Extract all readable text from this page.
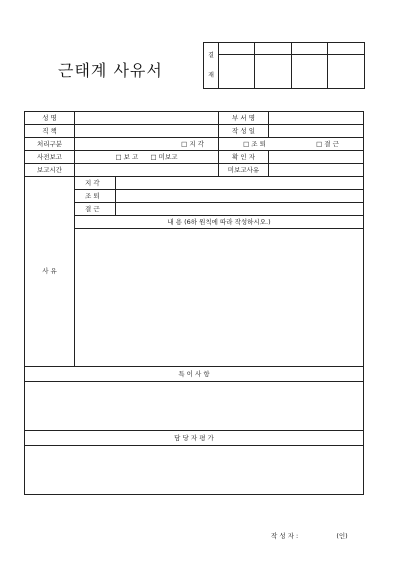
근태계 사유서
결
재				

성 명			부 서 명	
직 책			작 성 일	
처리구분	□ 지 각		□ 조 퇴 □ 결 근	
사전보고	□ 보 고 □ 미보고		확 인 자	
보고시간			미보고사유	
사 유	지 각			
	조 퇴			
	결 근			
	내 용 (6하 원칙에 따라 작성하시오.)			

특 이 사 항				

담 당 자 평 가				

작 성 자 :	(인)
